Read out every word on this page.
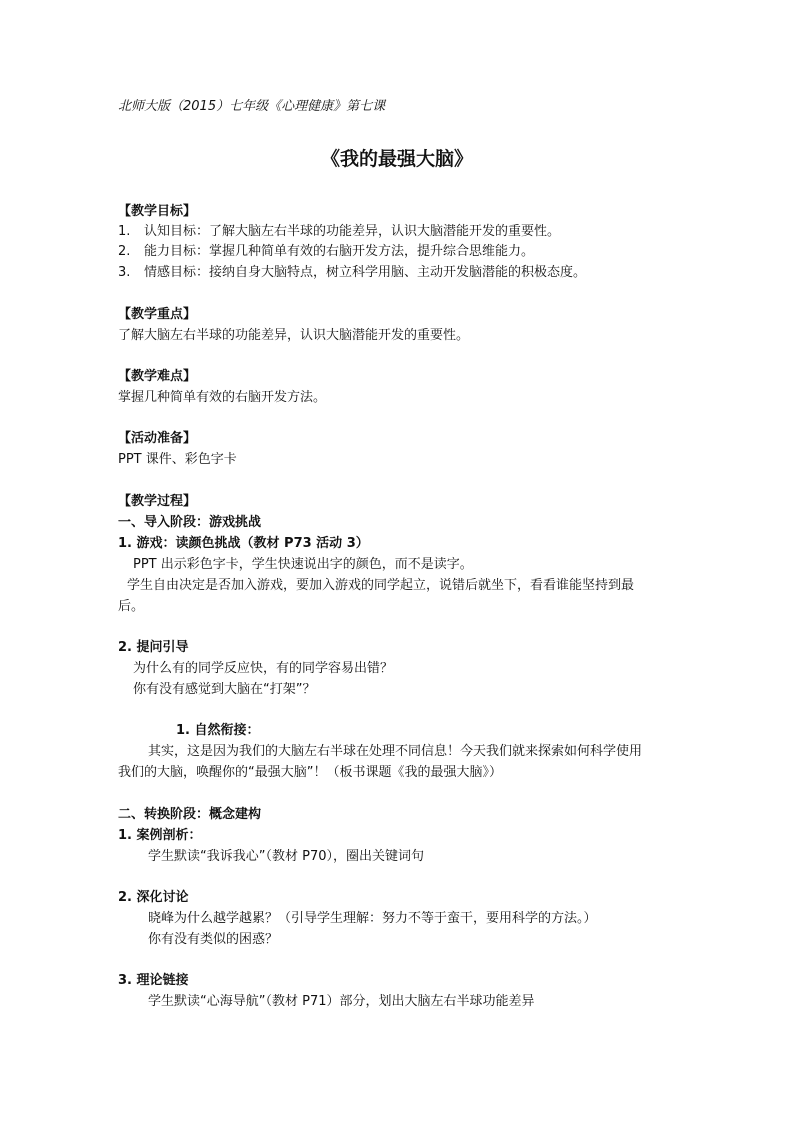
北师大版（2015）七年级《心理健康》第七课
《我的最强大脑》
【教学目标】
1. 认知目标：了解大脑左右半球的功能差异，认识大脑潜能开发的重要性。
2. 能力目标：掌握几种简单有效的右脑开发方法，提升综合思维能力。
3. 情感目标：接纳自身大脑特点，树立科学用脑、主动开发脑潜能的积极态度。
【教学重点】
了解大脑左右半球的功能差异，认识大脑潜能开发的重要性。
【教学难点】
掌握几种简单有效的右脑开发方法。
【活动准备】
PPT 课件、彩色字卡
【教学过程】
一、导入阶段：游戏挑战
1. 游戏：读颜色挑战（教材 P73 活动 3）
PPT 出示彩色字卡，学生快速说出字的颜色，而不是读字。
学生自由决定是否加入游戏，要加入游戏的同学起立，说错后就坐下，看看谁能坚持到最
后。
2. 提问引导
为什么有的同学反应快，有的同学容易出错？
你有没有感觉到大脑在“打架”？
1. 自然衔接：
其实，这是因为我们的大脑左右半球在处理不同信息！今天我们就来探索如何科学使用
我们的大脑，唤醒你的“最强大脑”！（板书课题《我的最强大脑》）
二、转换阶段：概念建构
1. 案例剖析：
学生默读“我诉我心”（教材 P70），圈出关键词句
2. 深化讨论
晓峰为什么越学越累？（引导学生理解：努力不等于蛮干，要用科学的方法。）
你有没有类似的困惑？
3. 理论链接
学生默读“心海导航”（教材 P71）部分，划出大脑左右半球功能差异
